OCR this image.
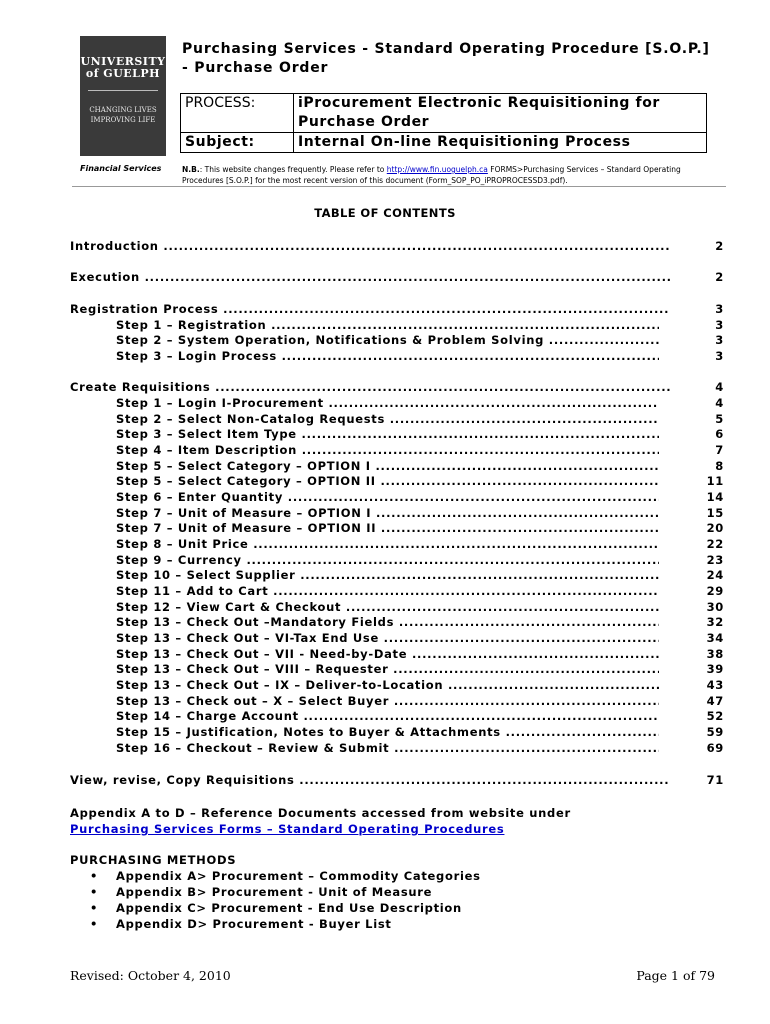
UNIVERSITY
of GUELPH
CHANGING LIVES
IMPROVING LIFE
Financial Services
Purchasing Services - Standard Operating Procedure [S.O.P.]
- Purchase Order
PROCESS:	iProcurement Electronic Requisitioning for
Purchase Order
Subject:	Internal On-line Requisitioning Process
N.B.: This website changes frequently. Please refer to http://www.fin.uoguelph.ca FORMS>Purchasing Services – Standard Operating Procedures [S.O.P.] for the most recent version of this document (Form_SOP_PO_iPROPROCESSD3.pdf).
TABLE OF CONTENTS
Introduction .....	2
Execution .....	2
Registration Process .....	3
Step 1 – Registration .....	3
Step 2 – System Operation, Notifications & Problem Solving .....	3
Step 3 – Login Process .....	3
Create Requisitions .....	4
Step 1 – Login I-Procurement .....	4
Step 2 – Select Non-Catalog Requests .....	5
Step 3 – Select Item Type .....	6
Step 4 – Item Description .....	7
Step 5 – Select Category – OPTION I .....	8
Step 5 – Select Category – OPTION II .....	11
Step 6 – Enter Quantity .....	14
Step 7 – Unit of Measure – OPTION I .....	15
Step 7 – Unit of Measure – OPTION II .....	20
Step 8 – Unit Price .....	22
Step 9 – Currency .....	23
Step 10 – Select Supplier .....	24
Step 11 – Add to Cart .....	29
Step 12 – View Cart & Checkout .....	30
Step 13 – Check Out –Mandatory Fields .....	32
Step 13 – Check Out – VI-Tax End Use .....	34
Step 13 – Check Out – VII - Need-by-Date .....	38
Step 13 – Check Out – VIII – Requester .....	39
Step 13 – Check Out – IX – Deliver-to-Location .....	43
Step 13 – Check out – X – Select Buyer .....	47
Step 14 – Charge Account .....	52
Step 15 – Justification, Notes to Buyer & Attachments .....	59
Step 16 – Checkout – Review & Submit .....	69
View, revise, Copy Requisitions .....	71
Appendix A to D – Reference Documents accessed from website under
Purchasing Services Forms – Standard Operating Procedures
PURCHASING METHODS
• Appendix A> Procurement – Commodity Categories
• Appendix B> Procurement - Unit of Measure
• Appendix C> Procurement - End Use Description
• Appendix D> Procurement - Buyer List
Revised: October 4, 2010	Page 1 of 79
